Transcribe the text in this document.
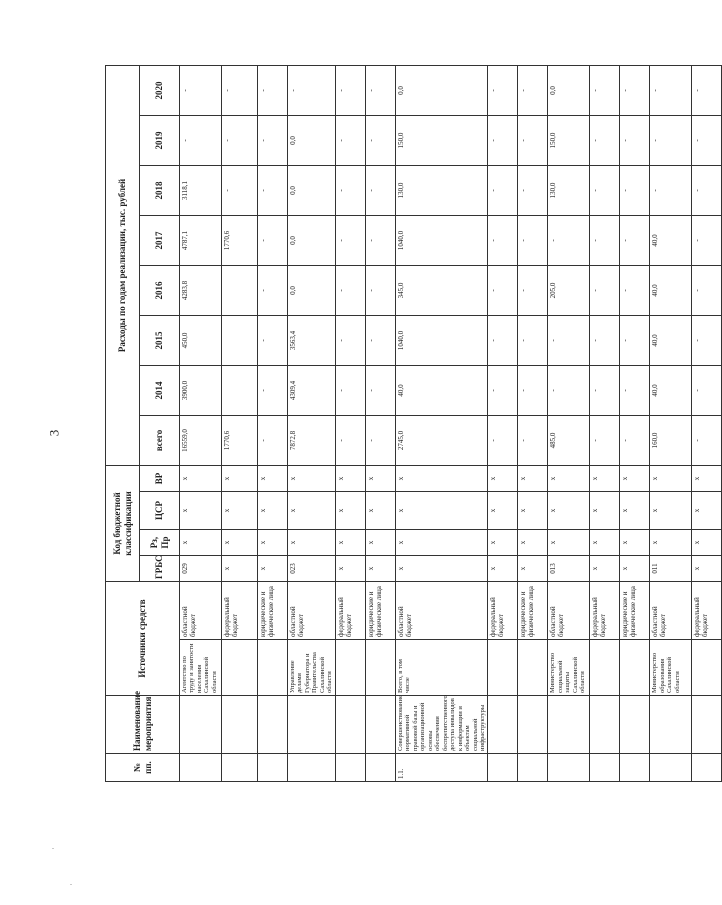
3
№ пп.	Наименование мероприятия	Источники средств		Код бюджетной классификации				Расходы по годам реализации, тыс. рублей							
				ГРБС	Рз, Пр	ЦСР	ВР	всего	2014	2015	2016	2017	2018	2019	2020
		Агентство по труду и занятости населения Сахалинской области	областной бюджет	029	х	х	х	16559,0	3900,0	450,0	4283,8	4787,1	3118,1	-	-
			федеральный бюджет	х	х	х	х	1770,6				1770,6	-	-	-
			юридические и физические лица	х	х	х	х	-	-	-	-	-	-	-	-
		Управление делами Губернатора и Правительства Сахалинской области	областной бюджет	023	х	х	х	7872,8	4309,4	3563,4	0,0	0,0	0,0	0,0	-
			федеральный бюджет	х	х	х	х	-	-	-	-	-	-	-	-
			юридические и физические лица	х	х	х	х	-	-	-	-	-	-	-	-
1.1.	Совершенствование нормативной правовой базы и организационной основы обеспечения беспрепятственного доступа инвалидов к информации и объектам социальной инфраструктуры	Всего, в том числе	областной бюджет	х	х	х	х	2745,0	40,0	1040,0	345,0	1040,0	130,0	150,0	0,0
			федеральный бюджет	х	х	х	х	-	-	-	-	-	-	-	-
			юридические и физические лица	х	х	х	х	-	-	-	-	-	-	-	-
		Министерство социальной защиты Сахалинской области	областной бюджет	013	х	х	х	485,0	-	-	205,0	-	130,0	150,0	0,0
			федеральный бюджет	х	х	х	х	-	-	-	-	-	-	-	-
			юридические и физические лица	х	х	х	х	-	-	-	-	-	-	-	-
		Министерство образования Сахалинской области	областной бюджет	011	х	х	х	160,0	40,0	40,0	40,0	40,0	-	-	-
			федеральный бюджет	х	х	х	х	-	-	-	-	-	-	-	-
.
.
